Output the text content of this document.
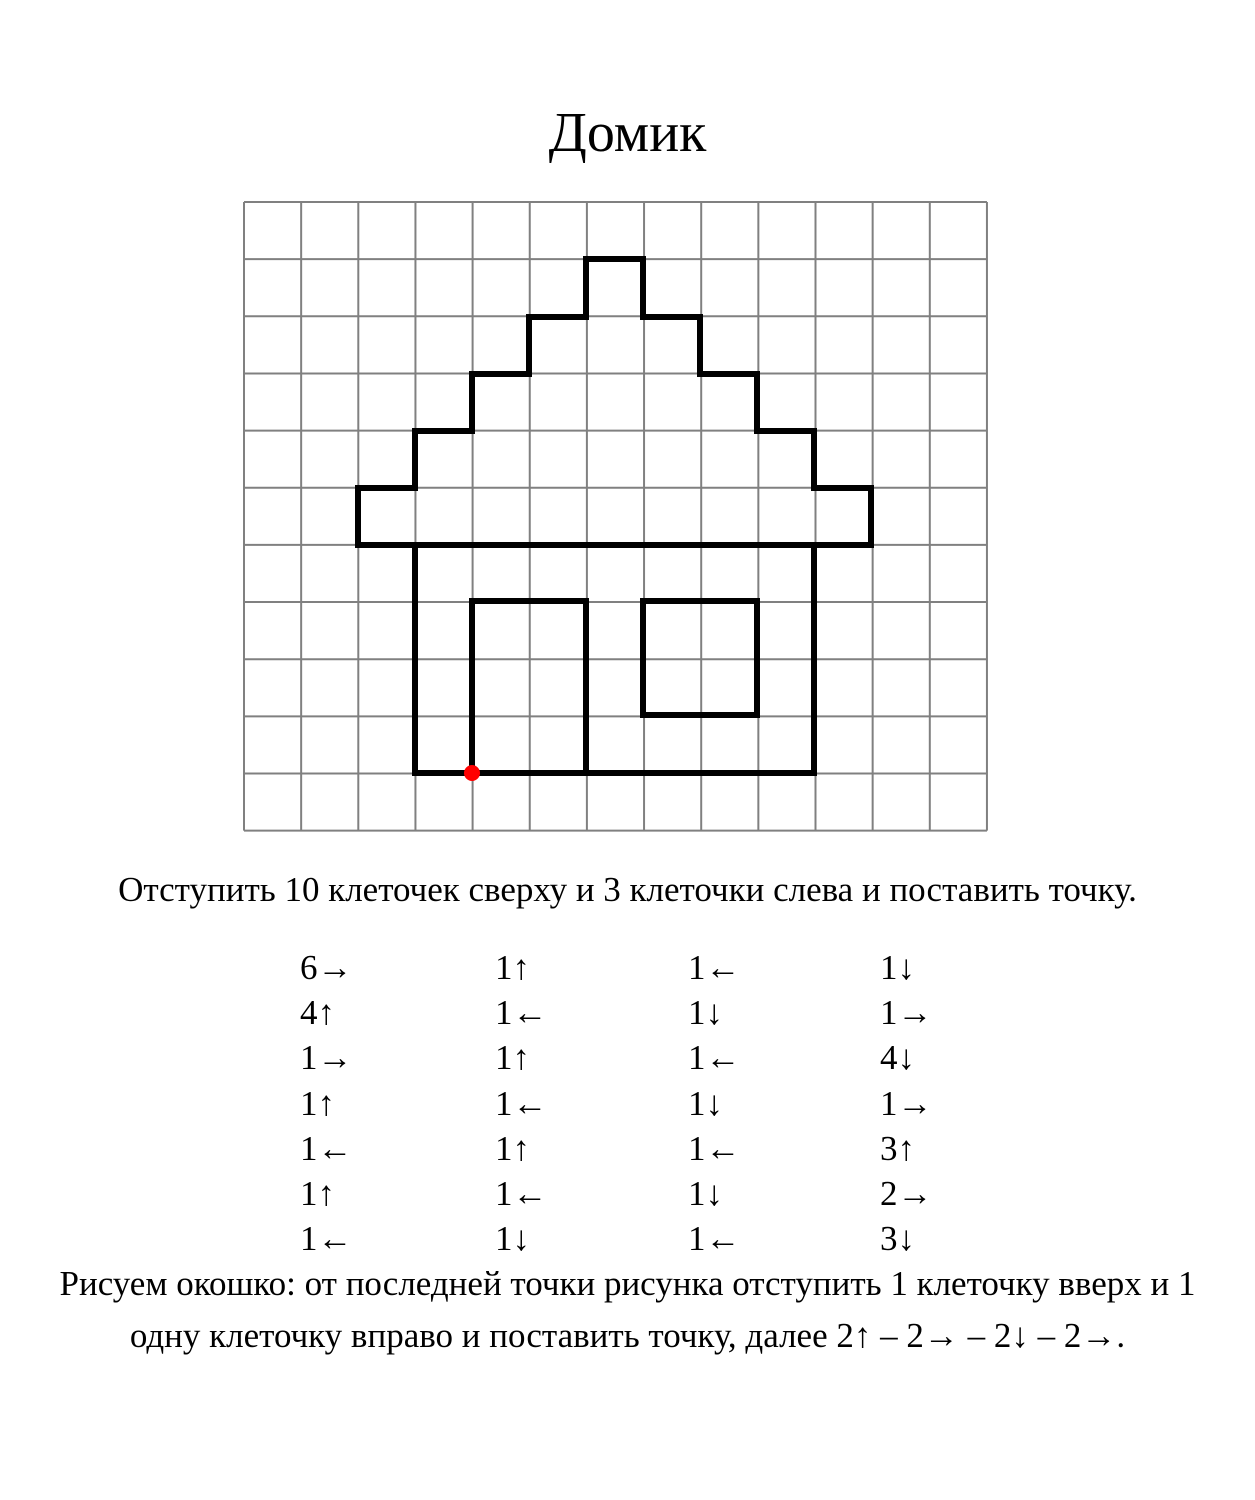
Домик
Отступить 10 клеточек сверху и 3 клеточки слева и поставить точку.
6→
4↑
1→
1↑
1←
1↑
1←
1↑
1←
1↑
1←
1↑
1←
1↓
1←
1↓
1←
1↓
1←
1↓
1←
1↓
1→
4↓
1→
3↑
2→
3↓
Рисуем окошко: от последней точки рисунка отступить 1 клеточку вверх и 1 одну клеточку вправо и поставить точку, далее 2↑ – 2→ – 2↓ – 2→.
